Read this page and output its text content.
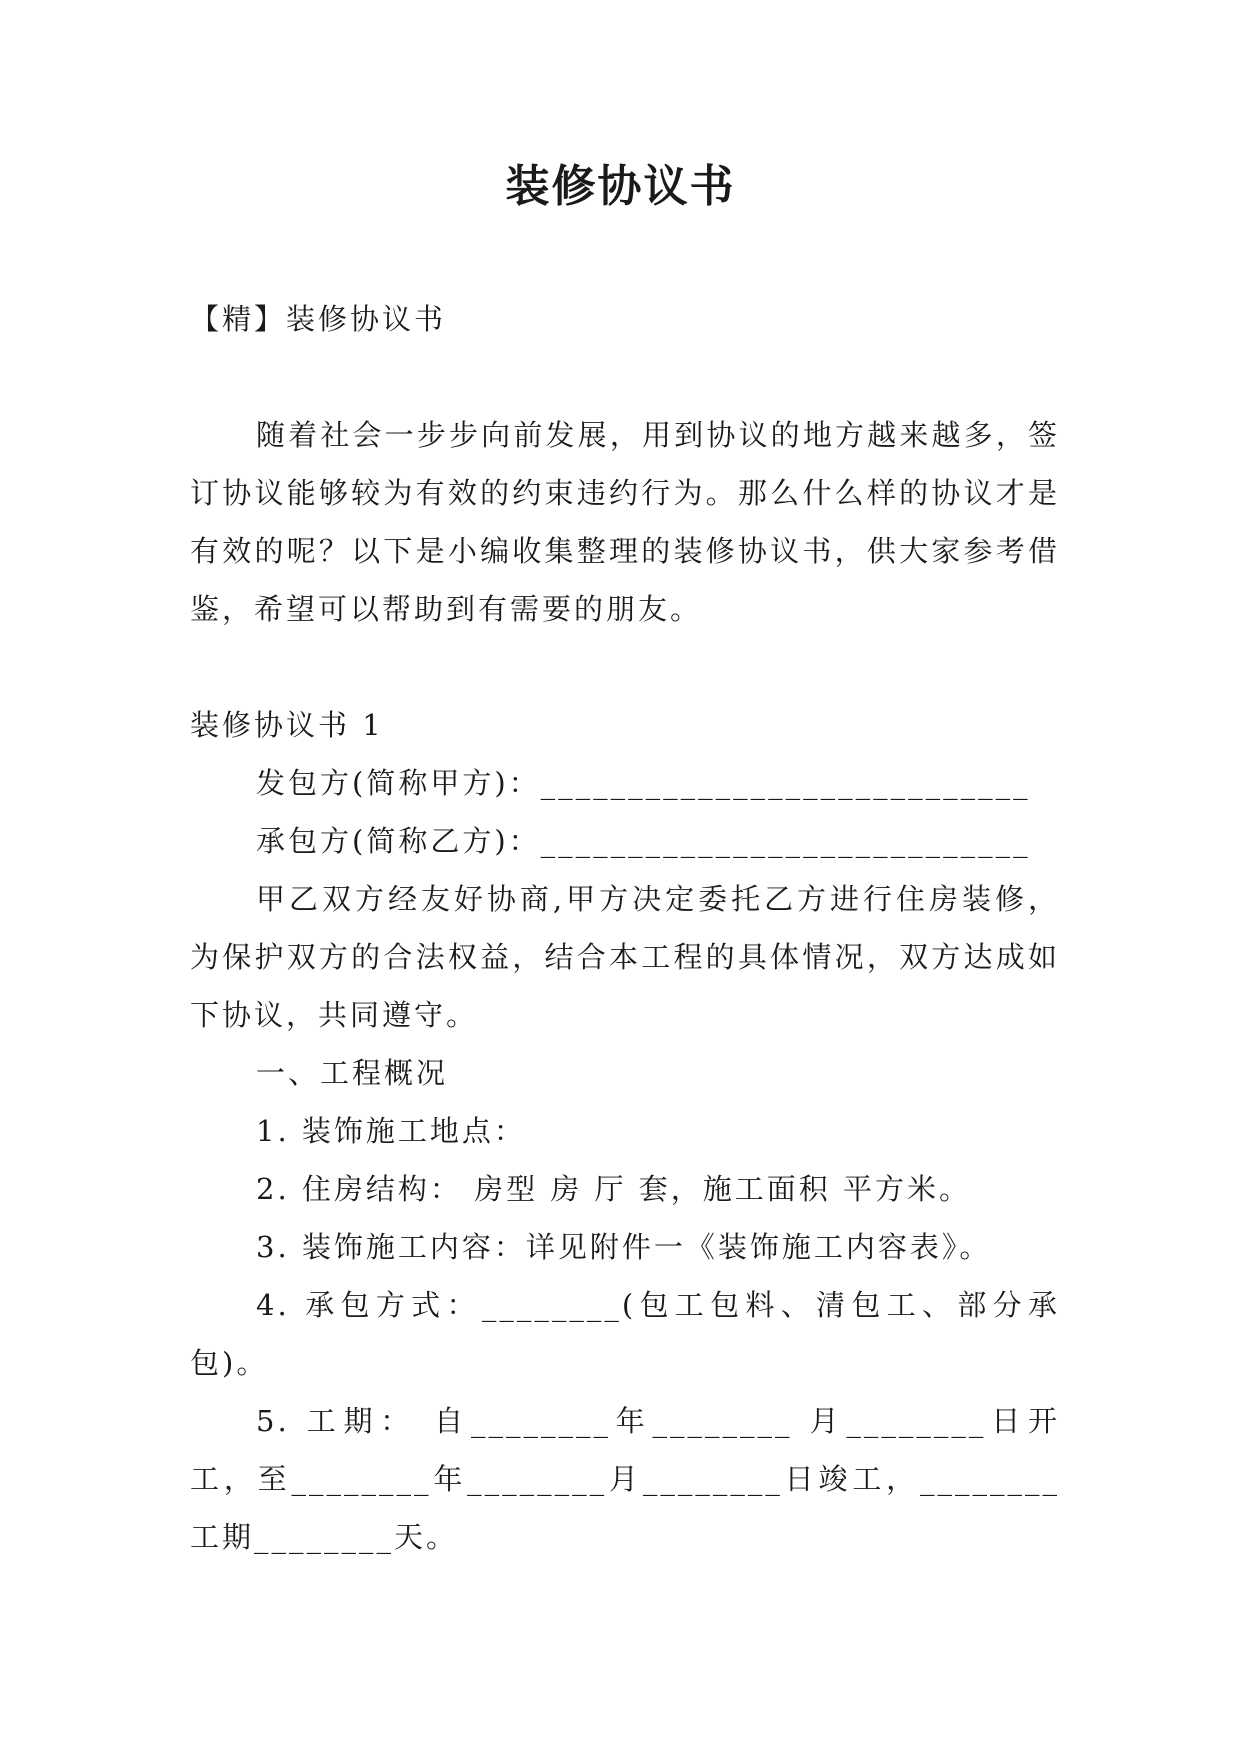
装修协议书

【精】装修协议书

随着社会一步步向前发展，用到协议的地方越来越多，签订协议能够较为有效的约束违约行为。那么什么样的协议才是有效的呢？以下是小编收集整理的装修协议书，供大家参考借鉴，希望可以帮助到有需要的朋友。

装修协议书 1

发包方(简称甲方)：____________________________

承包方(简称乙方)：____________________________

甲乙双方经友好协商,甲方决定委托乙方进行住房装修，为保护双方的合法权益，结合本工程的具体情况，双方达成如下协议，共同遵守。

一、工程概况

1. 装饰施工地点：

2. 住房结构： 房型 房 厅 套，施工面积 平方米。

3. 装饰施工内容：详见附件一《装饰施工内容表》。

4. 承包方式：________(包工包料、清包工、部分承包)。

5. 工期： 自________年________ 月________日开工，至________年________月________日竣工，________工期________天。
